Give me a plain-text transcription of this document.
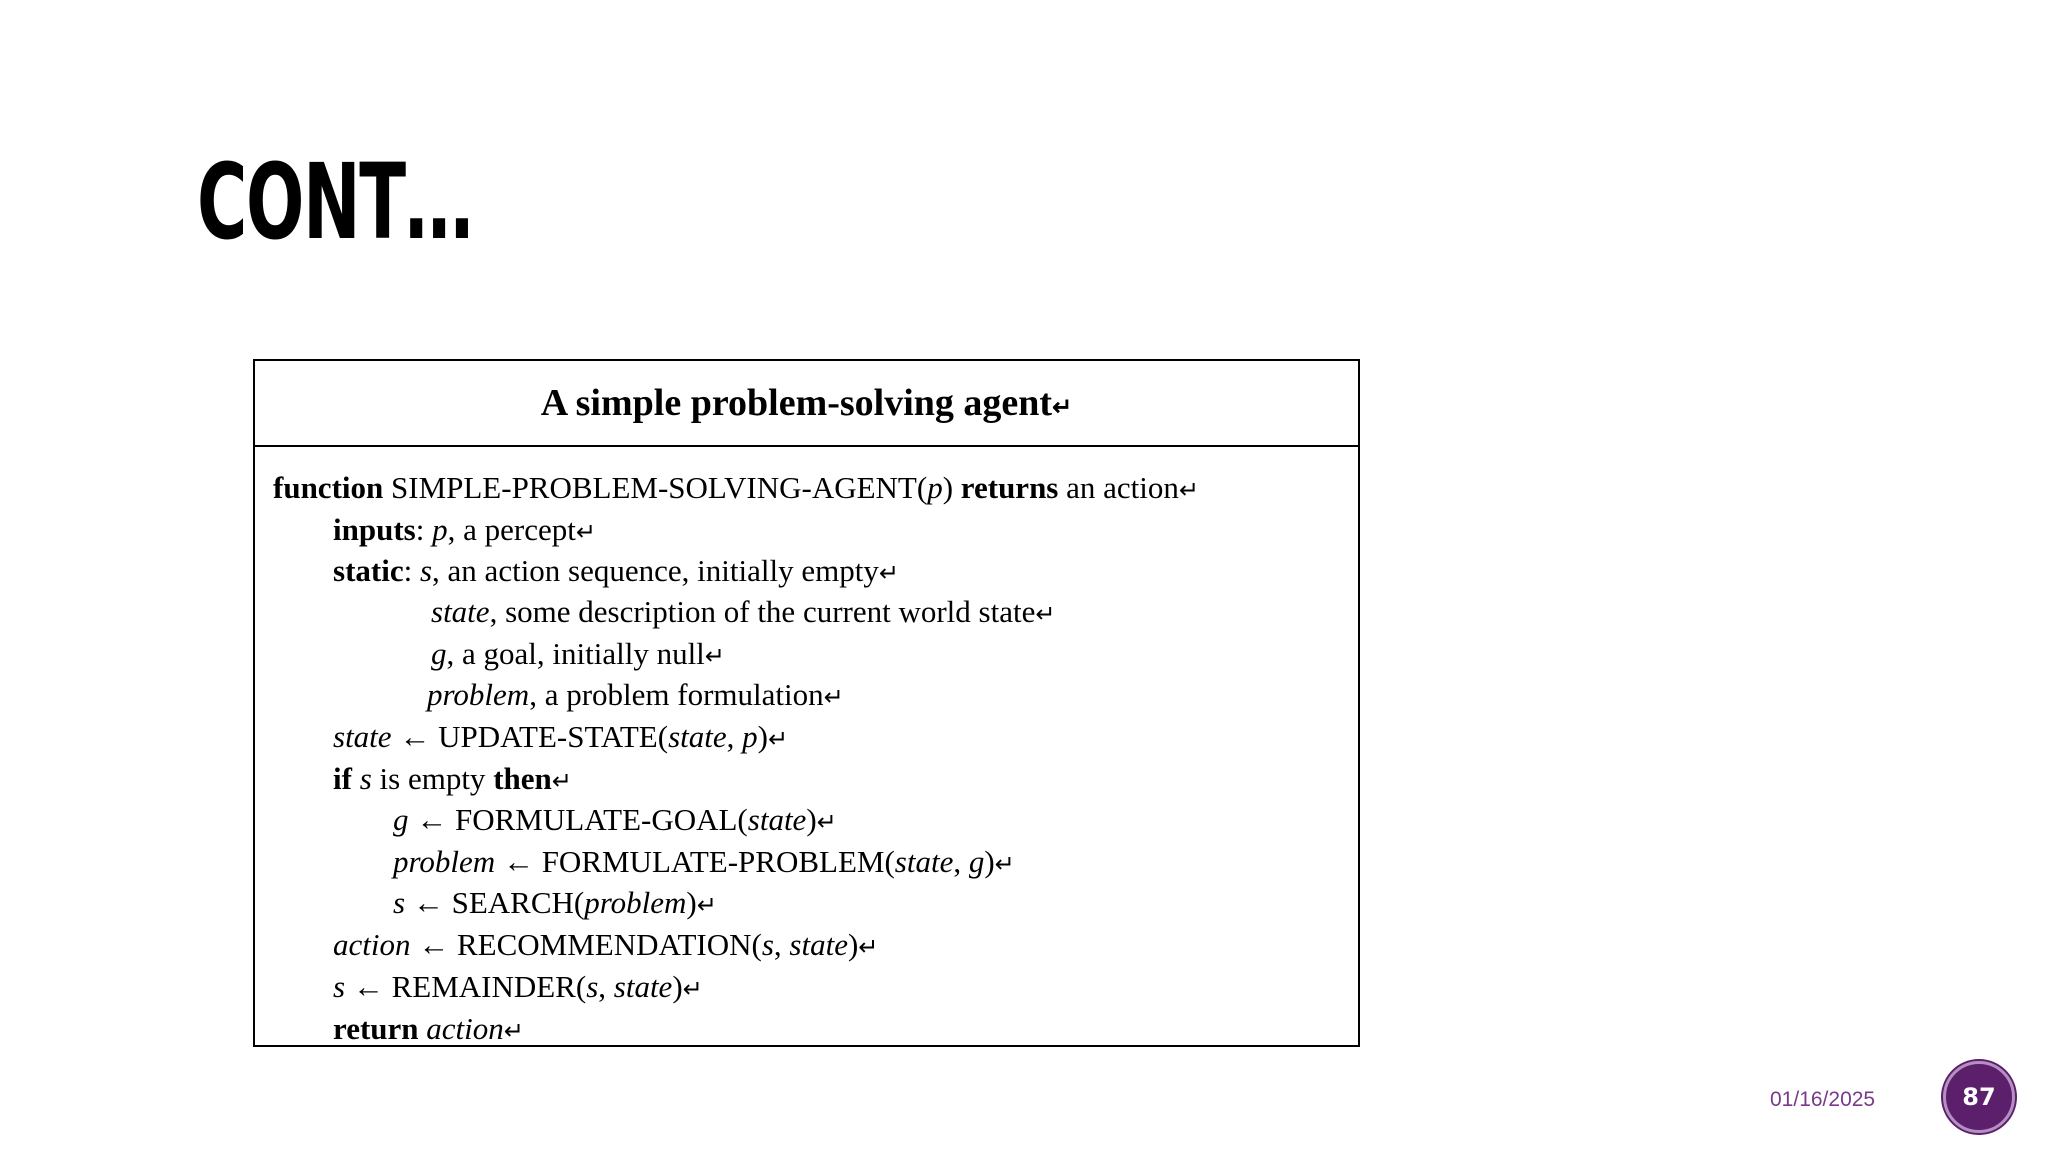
CONT…
A simple problem-solving agent↵
function SIMPLE-PROBLEM-SOLVING-AGENT(p) returns an action↵
inputs: p, a percept↵
static: s, an action sequence, initially empty↵
state, some description of the current world state↵
g, a goal, initially null↵
problem, a problem formulation↵
state ← UPDATE-STATE(state, p)↵
if s is empty then↵
g ← FORMULATE-GOAL(state)↵
problem ← FORMULATE-PROBLEM(state, g)↵
s ← SEARCH(problem)↵
action ← RECOMMENDATION(s, state)↵
s ← REMAINDER(s, state)↵
return action↵
01/16/2025	87
